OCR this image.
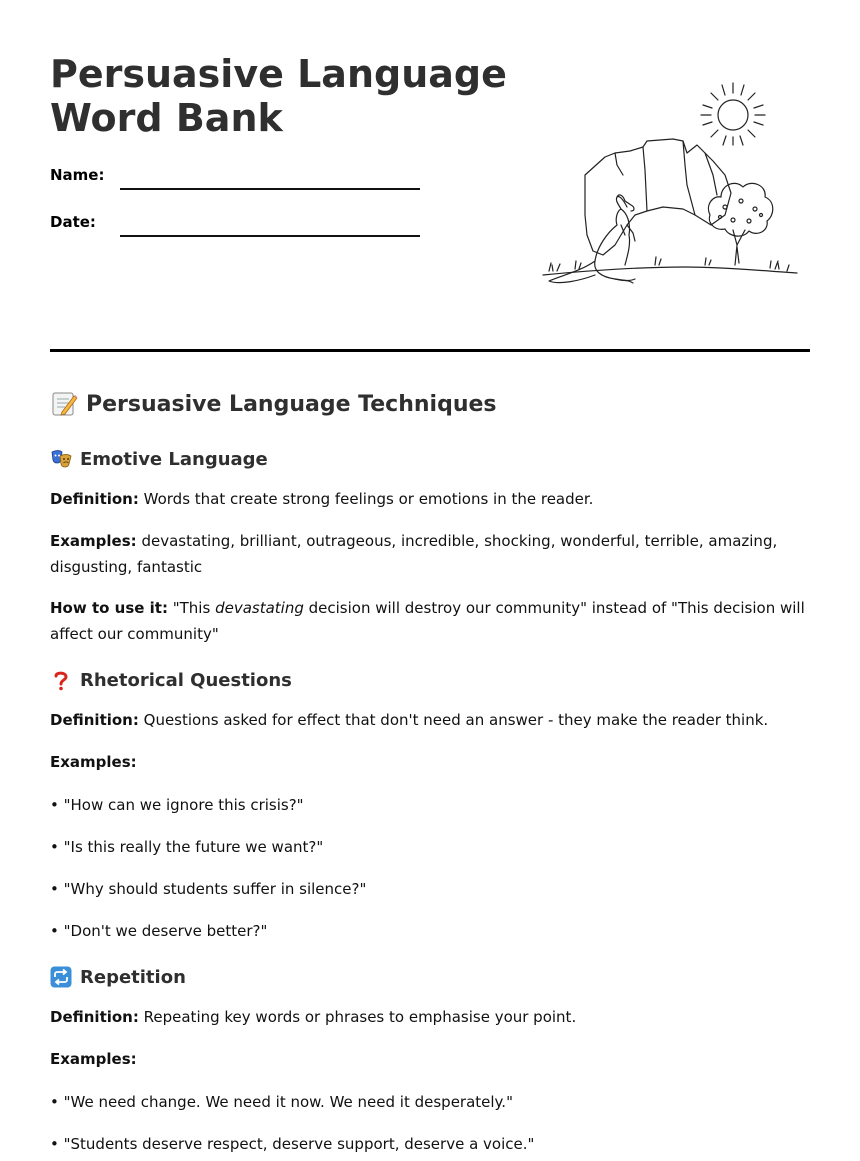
Persuasive Language
Word Bank
Name:
Date:
Persuasive Language Techniques
Emotive Language

Definition: Words that create strong feelings or emotions in the reader.

Examples: devastating, brilliant, outrageous, incredible, shocking, wonderful, terrible, amazing, disgusting, fantastic

How to use it: "This devastating decision will destroy our community" instead of "This decision will affect our community"

Rhetorical Questions

Definition: Questions asked for effect that don't need an answer - they make the reader think.

Examples:

• "How can we ignore this crisis?"

• "Is this really the future we want?"

• "Why should students suffer in silence?"

• "Don't we deserve better?"

Repetition

Definition: Repeating key words or phrases to emphasise your point.

Examples:

• "We need change. We need it now. We need it desperately."

• "Students deserve respect, deserve support, deserve a voice."
